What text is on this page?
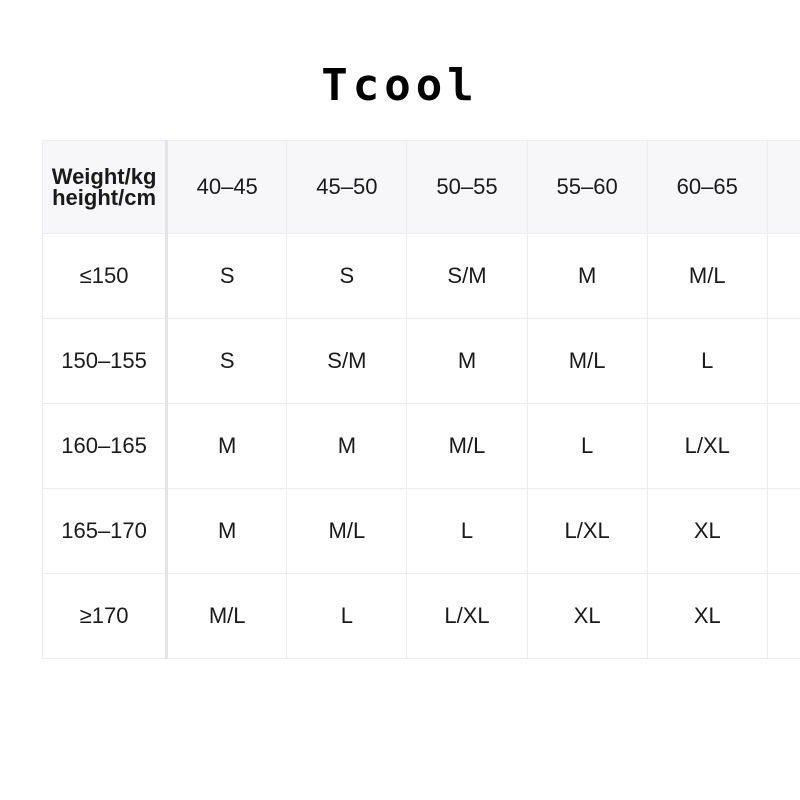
Tcool
Weight/kg
height/cm	40–45	45–50	50–55	55–60	60–65	
≤150	S	S	S/M	M	M/L	
150–155	S	S/M	M	M/L	L	
160–165	M	M	M/L	L	L/XL	
165–170	M	M/L	L	L/XL	XL	
≥170	M/L	L	L/XL	XL	XL	
